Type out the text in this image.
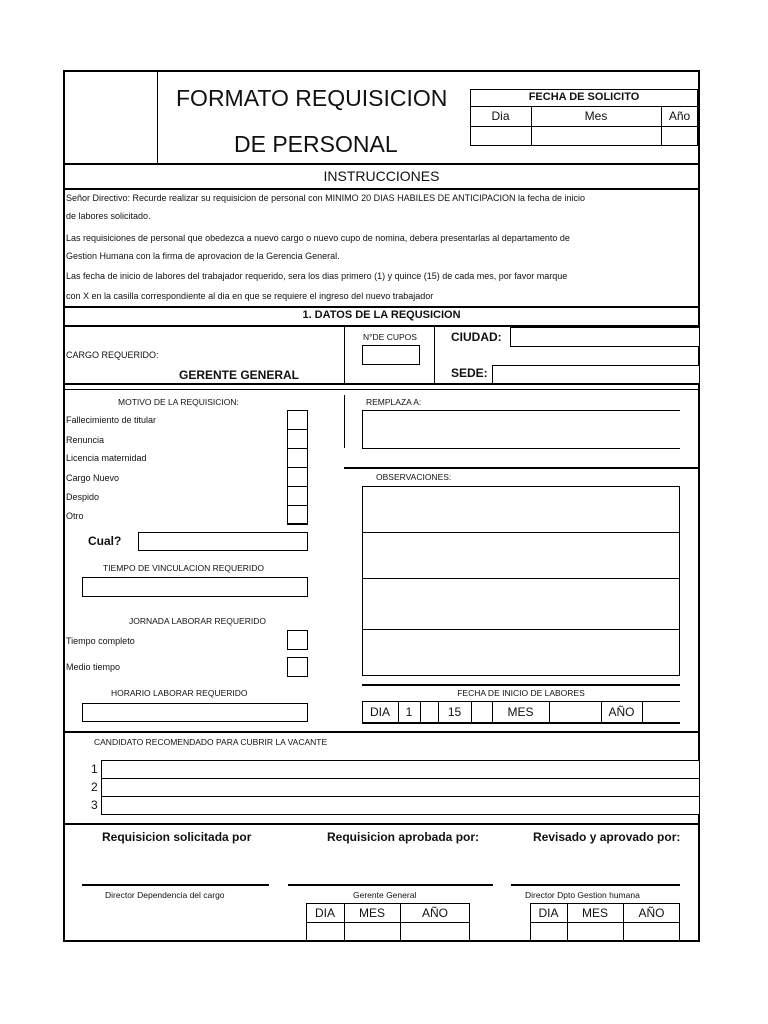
FORMATO REQUISICION
DE PERSONAL
FECHA DE SOLICITO
Dia	Mes	Año
INSTRUCCIONES
Señor Directivo: Recurde realizar su requisicion de personal con MINIMO 20 DIAS HABILES DE ANTICIPACION la fecha de inicio
de labores solicitado.
Las requisiciones de personal que obedezca a nuevo cargo o nuevo cupo de nomina, debera presentarlas al departamento de
Gestion Humana con la firma de aprovacion de la Gerencia General.
Las fecha de inicio de labores del trabajador requerido, sera los dias primero (1) y quince (15) de cada mes, por favor marque
con X en la casilla correspondiente al dia en que se requiere el ingreso del nuevo trabajador
1. DATOS DE LA REQUSICION
CARGO REQUERIDO:
GERENTE GENERAL
N°DE CUPOS	CIUDAD:
SEDE:
MOTIVO DE LA REQUISICION:
Fallecimiento de titular
Renuncia
Licencia maternidad
Cargo Nuevo
Despido
Otro
Cual?
TIEMPO DE VINCULACION REQUERIDO
JORNADA LABORAR REQUERIDO
Tiempo completo
Medio tiempo
HORARIO LABORAR REQUERIDO
REMPLAZA A:
OBSERVACIONES:
FECHA DE INICIO DE LABORES
DIA	1	15	MES	AÑO
CANDIDATO RECOMENDADO PARA CUBRIR LA VACANTE
1
2
3
Requisicion solicitada por	Requisicion aprobada por:	Revisado y aprovado por:
Director Dependencia del cargo	Gerente General	Director Dpto Gestion humana
DIA	MES	AÑO	DIA	MES	AÑO
